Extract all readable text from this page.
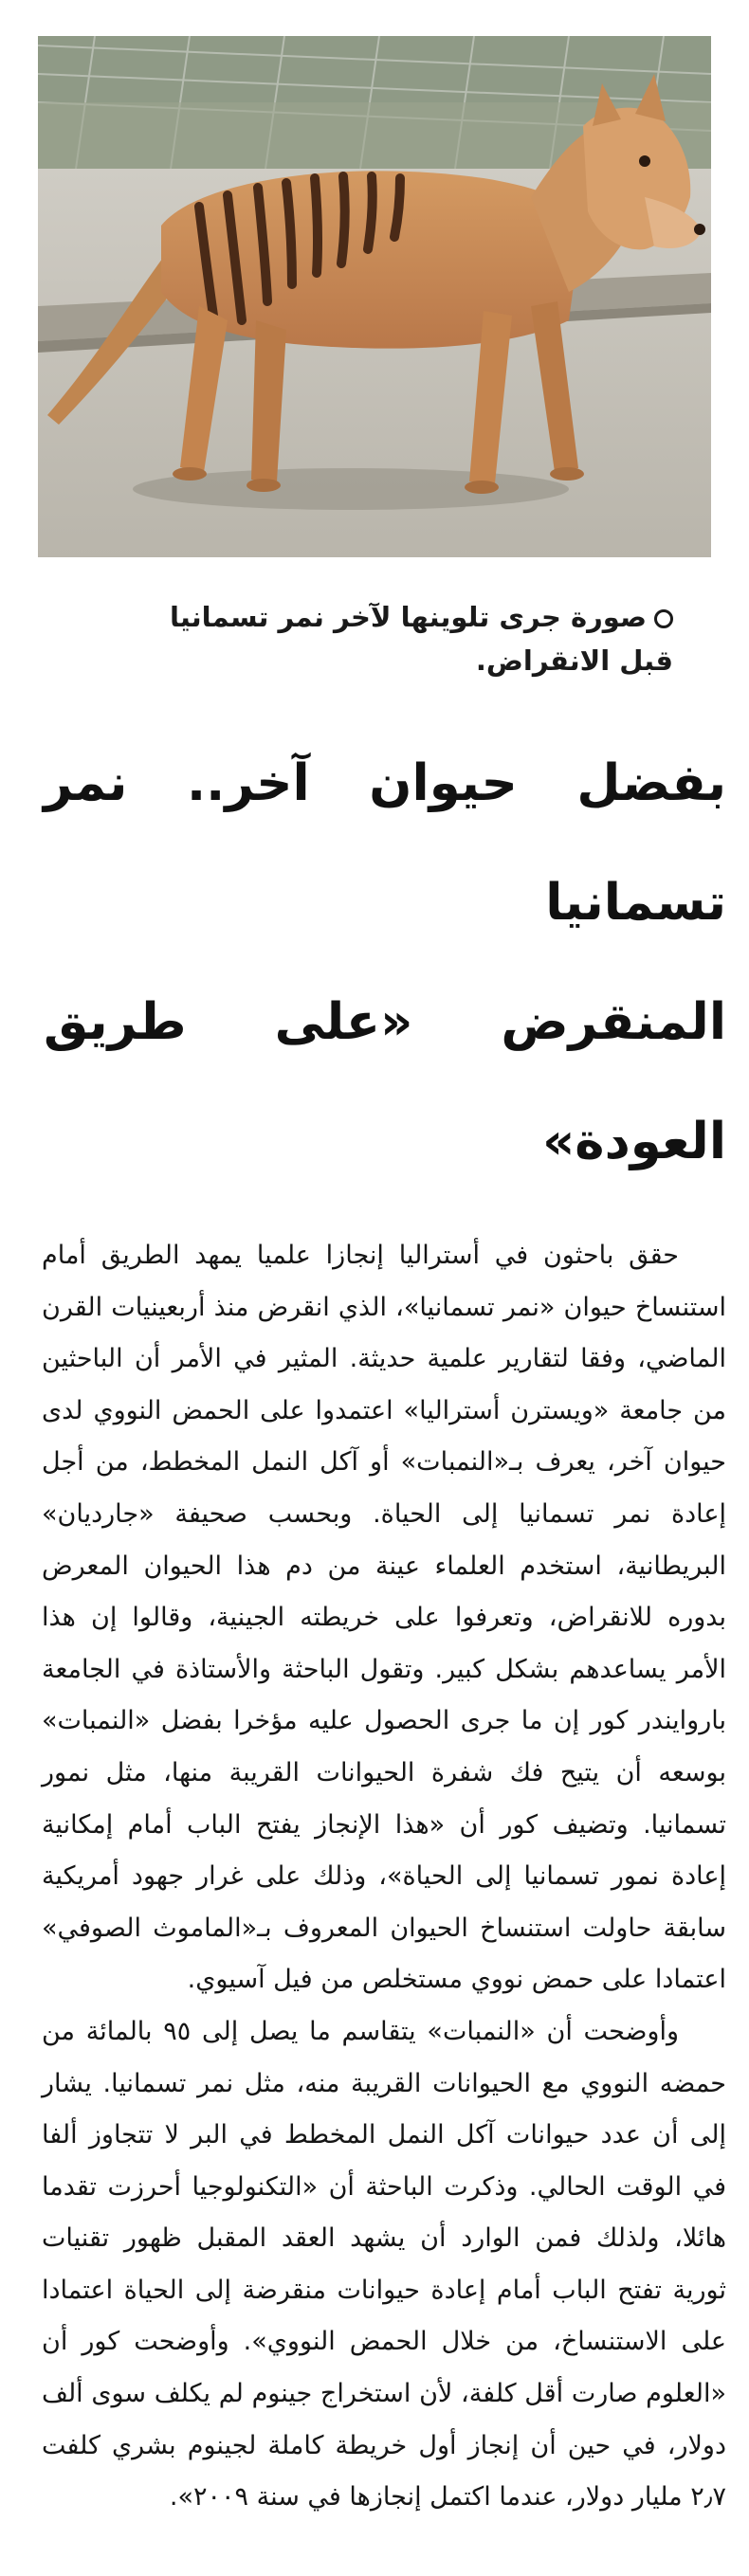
صورة جرى تلوينها لآخر نمر تسمانيا قبل الانقراض.
بفضل حيوان آخر.. نمر تسمانيا
المنقرض «على طريق العودة»

حقق باحثون في أستراليا إنجازا علميا يمهد الطريق أمام استنساخ حيوان «نمر تسمانيا»، الذي انقرض منذ أربعينيات القرن الماضي، وفقا لتقارير علمية حديثة. المثير في الأمر أن الباحثين من جامعة «ويسترن أستراليا» اعتمدوا على الحمض النووي لدى حيوان آخر، يعرف بـ«النمبات» أو آكل النمل المخطط، من أجل إعادة نمر تسمانيا إلى الحياة. وبحسب صحيفة «جارديان» البريطانية، استخدم العلماء عينة من دم هذا الحيوان المعرض بدوره للانقراض، وتعرفوا على خريطته الجينية، وقالوا إن هذا الأمر يساعدهم بشكل كبير. وتقول الباحثة والأستاذة في الجامعة باروايندر كور إن ما جرى الحصول عليه مؤخرا بفضل «النمبات» بوسعه أن يتيح فك شفرة الحيوانات القريبة منها، مثل نمور تسمانيا. وتضيف كور أن «هذا الإنجاز يفتح الباب أمام إمكانية إعادة نمور تسمانيا إلى الحياة»، وذلك على غرار جهود أمريكية سابقة حاولت استنساخ الحيوان المعروف بـ«الماموث الصوفي» اعتمادا على حمض نووي مستخلص من فيل آسيوي.

وأوضحت أن «النمبات» يتقاسم ما يصل إلى ٩٥ بالمائة من حمضه النووي مع الحيوانات القريبة منه، مثل نمر تسمانيا. يشار إلى أن عدد حيوانات آكل النمل المخطط في البر لا تتجاوز ألفا في الوقت الحالي. وذكرت الباحثة أن «التكنولوجيا أحرزت تقدما هائلا، ولذلك فمن الوارد أن يشهد العقد المقبل ظهور تقنيات ثورية تفتح الباب أمام إعادة حيوانات منقرضة إلى الحياة اعتمادا على الاستنساخ، من خلال الحمض النووي». وأوضحت كور أن «العلوم صارت أقل كلفة، لأن استخراج جينوم لم يكلف سوى ألف دولار، في حين أن إنجاز أول خريطة كاملة لجينوم بشري كلفت ٢٫٧ مليار دولار، عندما اكتمل إنجازها في سنة ٢٠٠٩».
